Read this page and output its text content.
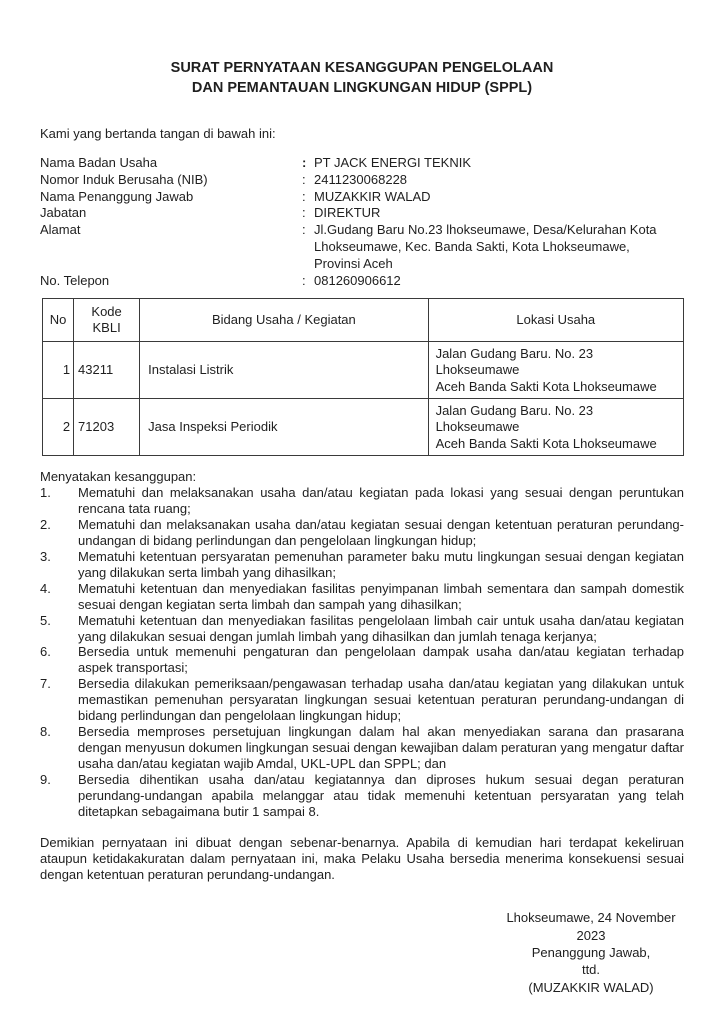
SURAT PERNYATAAN KESANGGUPAN PENGELOLAAN
DAN PEMANTAUAN LINGKUNGAN HIDUP (SPPL)

Kami yang bertanda tangan di bawah ini:

Nama Badan Usaha	: PT JACK ENERGI TEKNIK
Nomor Induk Berusaha (NIB)	: 2411230068228
Nama Penanggung Jawab	: MUZAKKIR WALAD
Jabatan	: DIREKTUR
Alamat	: Jl.Gudang Baru No.23 lhokseumawe, Desa/Kelurahan Kota Lhokseumawe, Kec. Banda Sakti, Kota Lhokseumawe, Provinsi Aceh
No. Telepon	: 081260906612
No	Kode KBLI	Bidang Usaha / Kegiatan	Lokasi Usaha
1	43211	Instalasi Listrik	Jalan Gudang Baru. No. 23
Lhokseumawe
Aceh Banda Sakti Kota Lhokseumawe

2	71203	Jasa Inspeksi Periodik	Jalan Gudang Baru. No. 23
Lhokseumawe
Aceh Banda Sakti Kota Lhokseumawe

Menyatakan kesanggupan:

1.	Mematuhi dan melaksanakan usaha dan/atau kegiatan pada lokasi yang sesuai dengan peruntukan rencana tata ruang;
2.	Mematuhi dan melaksanakan usaha dan/atau kegiatan sesuai dengan ketentuan peraturan perundang-undangan di bidang perlindungan dan pengelolaan lingkungan hidup;
3.	Mematuhi ketentuan persyaratan pemenuhan parameter baku mutu lingkungan sesuai dengan kegiatan yang dilakukan serta limbah yang dihasilkan;
4.	Mematuhi ketentuan dan menyediakan fasilitas penyimpanan limbah sementara dan sampah domestik sesuai dengan kegiatan serta limbah dan sampah yang dihasilkan;
5.	Mematuhi ketentuan dan menyediakan fasilitas pengelolaan limbah cair untuk usaha dan/atau kegiatan yang dilakukan sesuai dengan jumlah limbah yang dihasilkan dan jumlah tenaga kerjanya;
6.	Bersedia untuk memenuhi pengaturan dan pengelolaan dampak usaha dan/atau kegiatan terhadap aspek transportasi;
7.	Bersedia dilakukan pemeriksaan/pengawasan terhadap usaha dan/atau kegiatan yang dilakukan untuk memastikan pemenuhan persyaratan lingkungan sesuai ketentuan peraturan perundang-undangan di bidang perlindungan dan pengelolaan lingkungan hidup;
8.	Bersedia memproses persetujuan lingkungan dalam hal akan menyediakan sarana dan prasarana dengan menyusun dokumen lingkungan sesuai dengan kewajiban dalam peraturan yang mengatur daftar usaha dan/atau kegiatan wajib Amdal, UKL-UPL dan SPPL; dan
9.	Bersedia dihentikan usaha dan/atau kegiatannya dan diproses hukum sesuai degan peraturan perundang-undangan apabila melanggar atau tidak memenuhi ketentuan persyaratan yang telah ditetapkan sebagaimana butir 1 sampai 8.

Demikian pernyataan ini dibuat dengan sebenar-benarnya. Apabila di kemudian hari terdapat kekeliruan ataupun ketidakakuratan dalam pernyataan ini, maka Pelaku Usaha bersedia menerima konsekuensi sesuai dengan ketentuan peraturan perundang-undangan.

Lhokseumawe, 24 November 2023
Penanggung Jawab,
ttd.
(MUZAKKIR WALAD)
